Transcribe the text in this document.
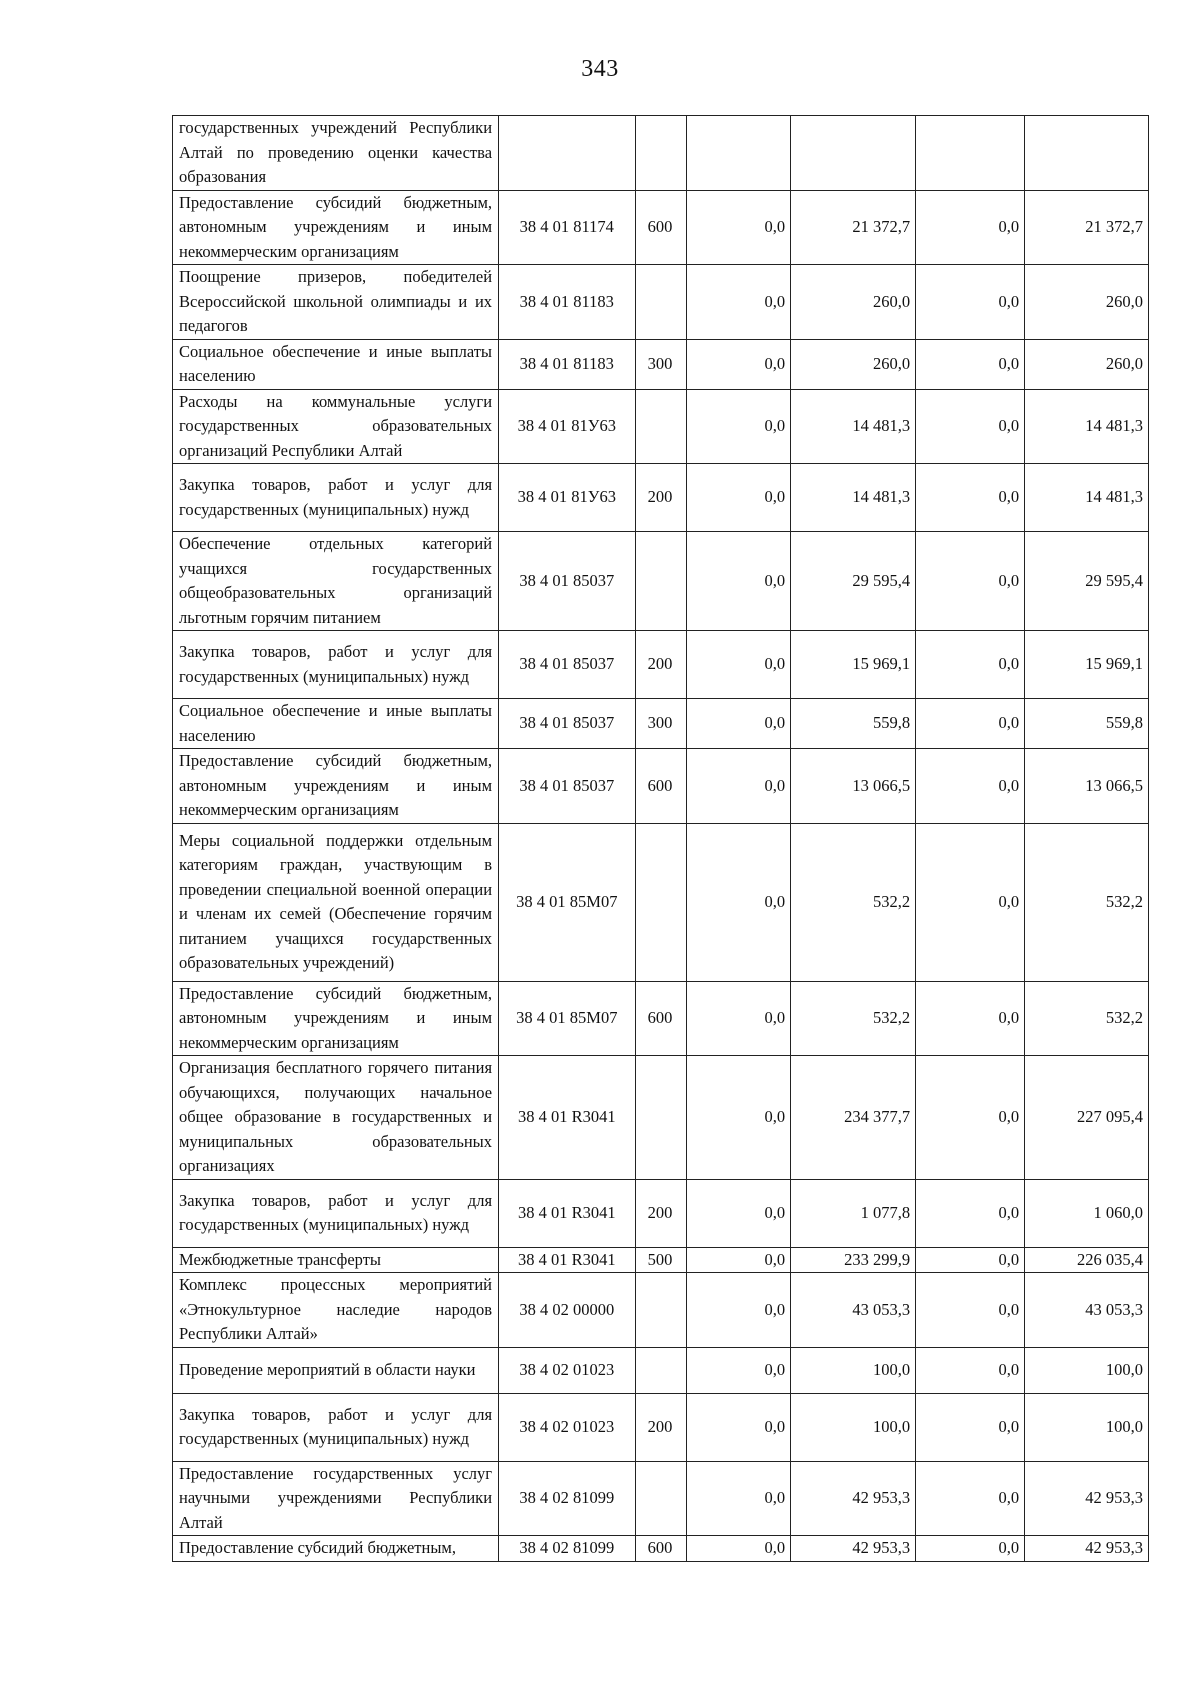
343
государственных учреждений Республики Алтай по проведению оценки качества образования						
Предоставление субсидий бюджетным, автономным учреждениям и иным некоммерческим организациям	38 4 01 81174	600	0,0	21 372,7	0,0	21 372,7
Поощрение призеров, победителей Всероссийской школьной олимпиады и их педагогов	38 4 01 81183		0,0	260,0	0,0	260,0
Социальное обеспечение и иные выплаты населению	38 4 01 81183	300	0,0	260,0	0,0	260,0
Расходы на коммунальные услуги государственных образовательных организаций Республики Алтай	38 4 01 81У63		0,0	14 481,3	0,0	14 481,3
Закупка товаров, работ и услуг для государственных (муниципальных) нужд	38 4 01 81У63	200	0,0	14 481,3	0,0	14 481,3
Обеспечение отдельных категорий учащихся государственных общеобразовательных организаций льготным горячим питанием	38 4 01 85037		0,0	29 595,4	0,0	29 595,4
Закупка товаров, работ и услуг для государственных (муниципальных) нужд	38 4 01 85037	200	0,0	15 969,1	0,0	15 969,1
Социальное обеспечение и иные выплаты населению	38 4 01 85037	300	0,0	559,8	0,0	559,8
Предоставление субсидий бюджетным, автономным учреждениям и иным некоммерческим организациям	38 4 01 85037	600	0,0	13 066,5	0,0	13 066,5
Меры социальной поддержки отдельным категориям граждан, участвующим в проведении специальной военной операции и членам их семей (Обеспечение горячим питанием учащихся государственных образовательных учреждений)	38 4 01 85М07		0,0	532,2	0,0	532,2
Предоставление субсидий бюджетным, автономным учреждениям и иным некоммерческим организациям	38 4 01 85М07	600	0,0	532,2	0,0	532,2
Организация бесплатного горячего питания обучающихся, получающих начальное общее образование в государственных и муниципальных образовательных организациях	38 4 01 R3041		0,0	234 377,7	0,0	227 095,4
Закупка товаров, работ и услуг для государственных (муниципальных) нужд	38 4 01 R3041	200	0,0	1 077,8	0,0	1 060,0
Межбюджетные трансферты	38 4 01 R3041	500	0,0	233 299,9	0,0	226 035,4
Комплекс процессных мероприятий «Этнокультурное наследие народов Республики Алтай»	38 4 02 00000		0,0	43 053,3	0,0	43 053,3
Проведение мероприятий в области науки	38 4 02 01023		0,0	100,0	0,0	100,0
Закупка товаров, работ и услуг для государственных (муниципальных) нужд	38 4 02 01023	200	0,0	100,0	0,0	100,0
Предоставление государственных услуг научными учреждениями Республики Алтай	38 4 02 81099		0,0	42 953,3	0,0	42 953,3
Предоставление субсидий бюджетным,	38 4 02 81099	600	0,0	42 953,3	0,0	42 953,3
